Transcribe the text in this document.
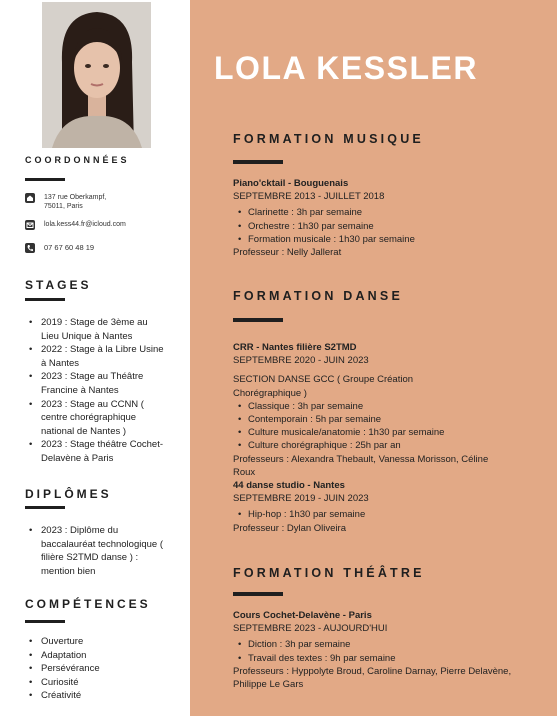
COORDONNÉES
137 rue Oberkampf,
75011, Paris
lola.kess44.fr@icloud.com
07 67 60 48 19
STAGES
• 2019 : Stage de 3ème au Lieu Unique à Nantes
• 2022 : Stage à la Libre Usine à Nantes
• 2023 : Stage au Théâtre Francine à Nantes
• 2023 : Stage au CCNN ( centre chorégraphique national de Nantes )
• 2023 : Stage théâtre Cochet-Delavène à Paris
DIPLÔMES
• 2023 : Diplôme du baccalauréat technologique ( filière S2TMD danse ) : mention bien
COMPÉTENCES
• Ouverture
• Adaptation
• Persévérance
• Curiosité
• Créativité
LOLA KESSLER
FORMATION MUSIQUE
Piano'cktail - Bouguenais
SEPTEMBRE 2013 - JUILLET 2018
• Clarinette : 3h par semaine
• Orchestre : 1h30 par semaine
• Formation musicale : 1h30 par semaine
Professeur : Nelly Jallerat
FORMATION DANSE
CRR - Nantes filière S2TMD
SEPTEMBRE 2020 - JUIN 2023
SECTION DANSE GCC ( Groupe Création Chorégraphique )
• Classique : 3h par semaine
• Contemporain : 5h par semaine
• Culture musicale/anatomie : 1h30 par semaine
• Culture chorégraphique : 25h par an
Professeurs : Alexandra Thebault, Vanessa Morisson, Céline Roux
44 danse studio - Nantes
SEPTEMBRE 2019 - JUIN 2023
• Hip-hop : 1h30 par semaine
Professeur : Dylan Oliveira
FORMATION THÉÂTRE
Cours Cochet-Delavène - Paris
SEPTEMBRE 2023 - AUJOURD'HUI
• Diction : 3h par semaine
• Travail des textes : 9h par semaine
Professeurs : Hyppolyte Broud, Caroline Darnay, Pierre Delavène, Philippe Le Gars
